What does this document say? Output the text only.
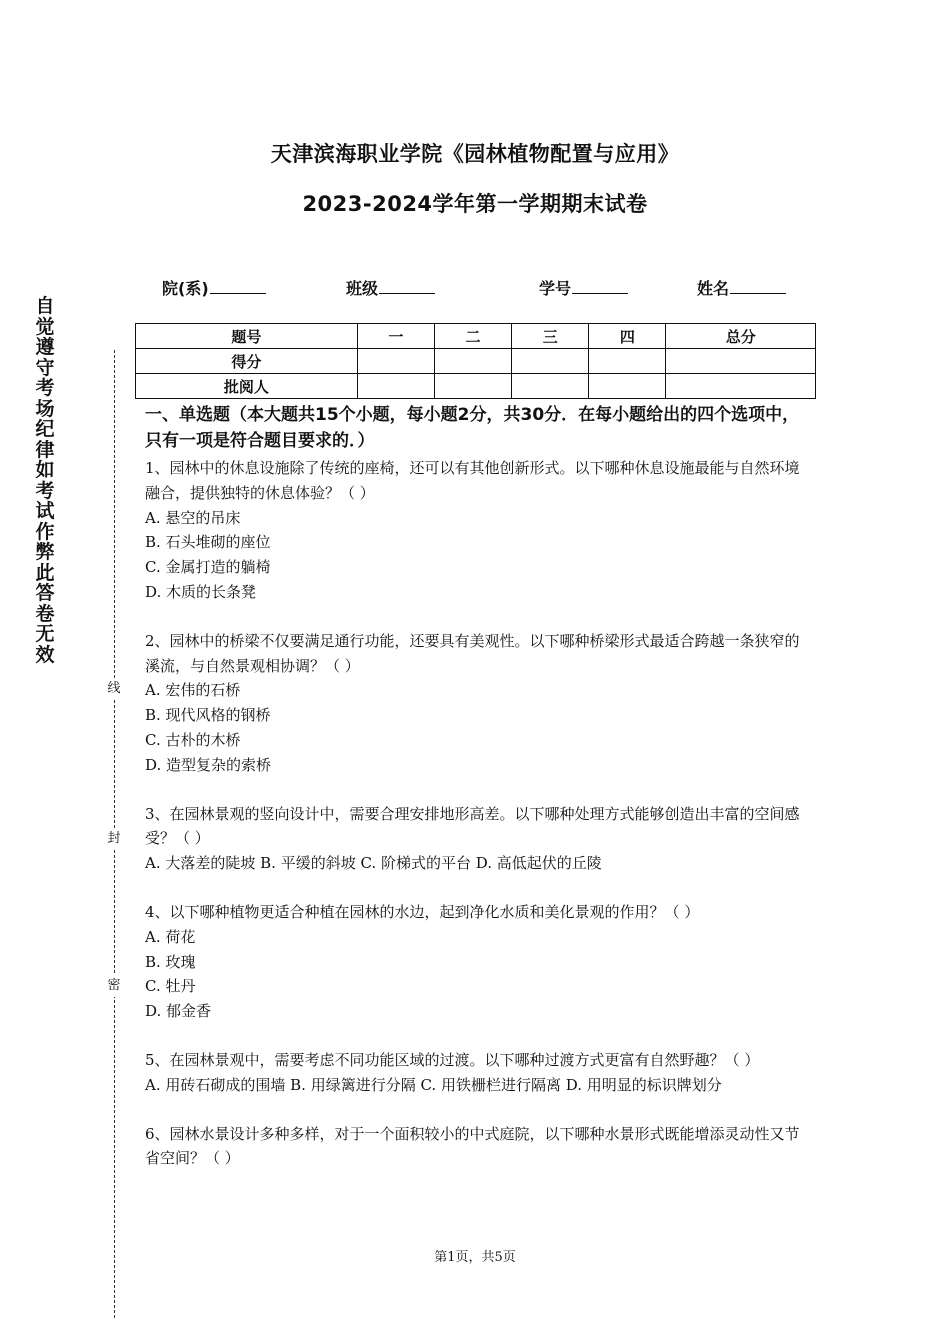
天津滨海职业学院《园林植物配置与应用》
2023-2024学年第一学期期末试卷
院(系)	班级	学号	姓名
题号	一	二	三	四	总分
得分					
批阅人					
自觉遵守考场纪律如考试作弊此答卷无效
线
封
密
一、单选题（本大题共15个小题，每小题2分，共30分．在每小题给出的四个选项中，只有一项是符合题目要求的．）
1、园林中的休息设施除了传统的座椅，还可以有其他创新形式。以下哪种休息设施最能与自然环境融合，提供独特的休息体验？（ ）
A. 悬空的吊床
B. 石头堆砌的座位
C. 金属打造的躺椅
D. 木质的长条凳
2、园林中的桥梁不仅要满足通行功能，还要具有美观性。以下哪种桥梁形式最适合跨越一条狭窄的溪流，与自然景观相协调？（ ）
A. 宏伟的石桥
B. 现代风格的钢桥
C. 古朴的木桥
D. 造型复杂的索桥
3、在园林景观的竖向设计中，需要合理安排地形高差。以下哪种处理方式能够创造出丰富的空间感受？（ ）
A. 大落差的陡坡 B. 平缓的斜坡 C. 阶梯式的平台 D. 高低起伏的丘陵
4、以下哪种植物更适合种植在园林的水边，起到净化水质和美化景观的作用？（ ）
A. 荷花
B. 玫瑰
C. 牡丹
D. 郁金香
5、在园林景观中，需要考虑不同功能区域的过渡。以下哪种过渡方式更富有自然野趣？（ ）
A. 用砖石砌成的围墙 B. 用绿篱进行分隔 C. 用铁栅栏进行隔离 D. 用明显的标识牌划分
6、园林水景设计多种多样，对于一个面积较小的中式庭院，以下哪种水景形式既能增添灵动性又节省空间？（ ）
第1页，共5页
